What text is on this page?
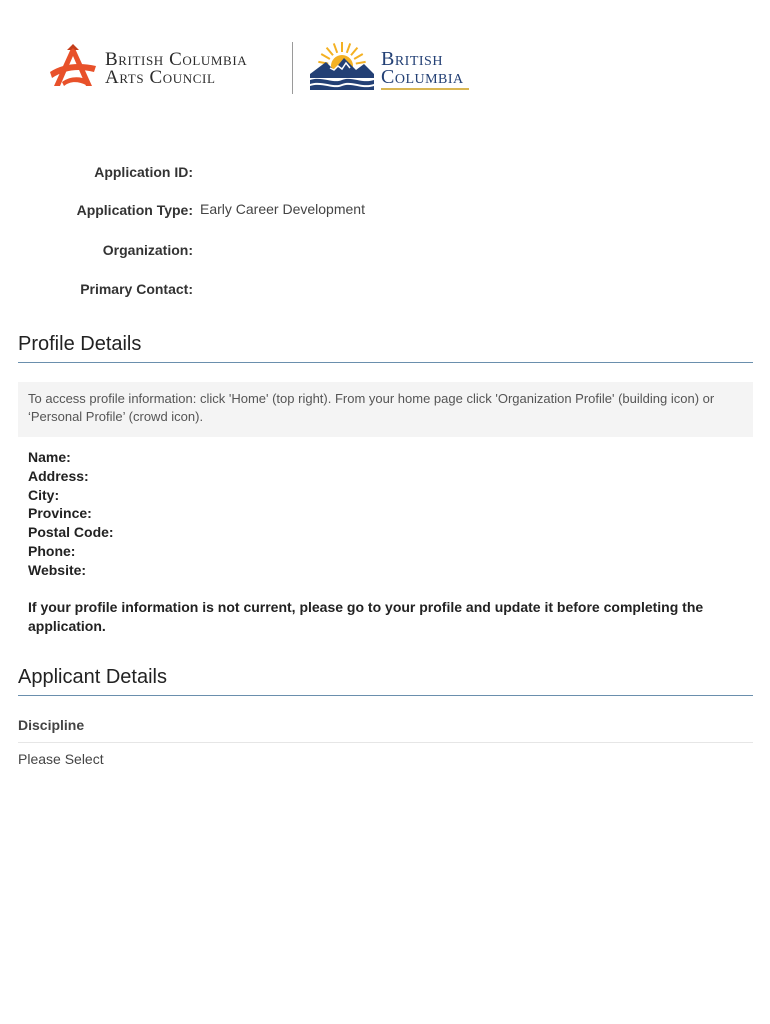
British Columbia
Arts Council
British
Columbia
Application ID:
Application Type: Early Career Development
Organization:
Primary Contact:
Profile Details
To access profile information: click 'Home' (top right). From your home page click 'Organization Profile' (building icon) or ‘Personal Profile’ (crowd icon).
Name:
Address:
City:
Province:
Postal Code:
Phone:
Website:
If your profile information is not current, please go to your profile and update it before completing the application.
Applicant Details
Discipline
Please Select
